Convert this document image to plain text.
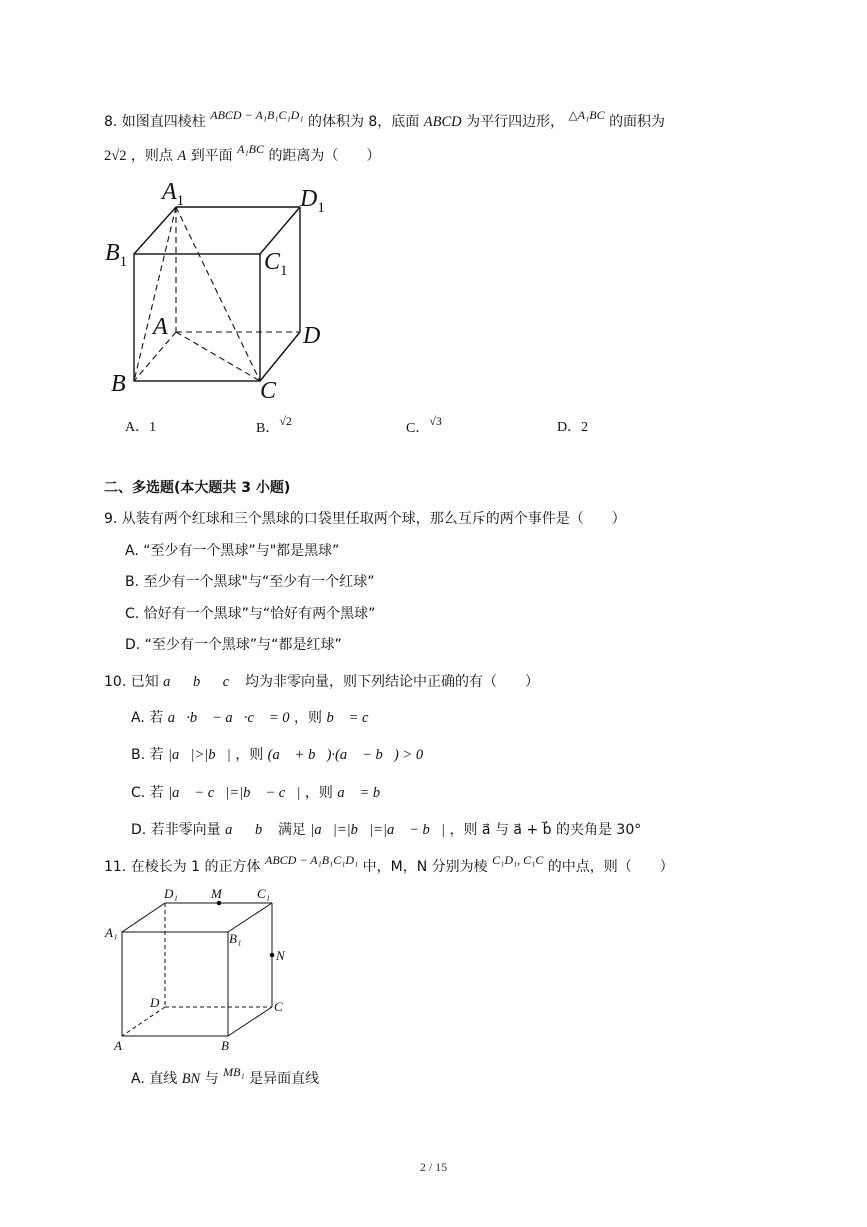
8. 如图直四棱柱 ABCD − A₁B₁C₁D₁ 的体积为 8，底面 ABCD 为平行四边形， △A₁BC 的面积为
2√2 ，则点 A 到平面 A₁BC 的距离为（　　）
$A_1$	$D_1$
$B_1$	$C_1$
A	D
B	C
A．1	B．√2	C．√3	D．2
二、多选题(本大题共 3 小题)
9. 从装有两个红球和三个黑球的口袋里任取两个球，那么互斥的两个事件是（　　）
A. “至少有一个黑球”与"都是黑球”
B. 至少有一个黑球"与“至少有一个红球”
C. 恰好有一个黑球”与“恰好有两个黑球”
D. “至少有一个黑球”与“都是红球”
10. 已知 a⃗，b⃗，c⃗ 均为非零向量，则下列结论中正确的有（　　）
A. 若 a⃗·b⃗ − a⃗·c⃗ = 0 ，则 b⃗ = c⃗
B. 若 |a⃗|>|b⃗| ，则 (a⃗ + b⃗)·(a⃗ − b⃗) > 0
C. 若 |a⃗ − c⃗|=|b⃗ − c⃗| ，则 a⃗ = b⃗
D. 若非零向量 a⃗，b⃗ 满足 |a⃗|=|b⃗|=|a⃗ − b⃗| ，则 a⃗ 与 a⃗ + b⃗ 的夹角是 30°
11. 在棱长为 1 的正方体 ABCD − A₁B₁C₁D₁ 中，M，N 分别为棱 C₁D₁, C₁C 的中点，则（　　）
D₁	M	C₁
A₁	B₁
N
D	C
A	B
A. 直线 BN 与 MB₁ 是异面直线
2 / 15
